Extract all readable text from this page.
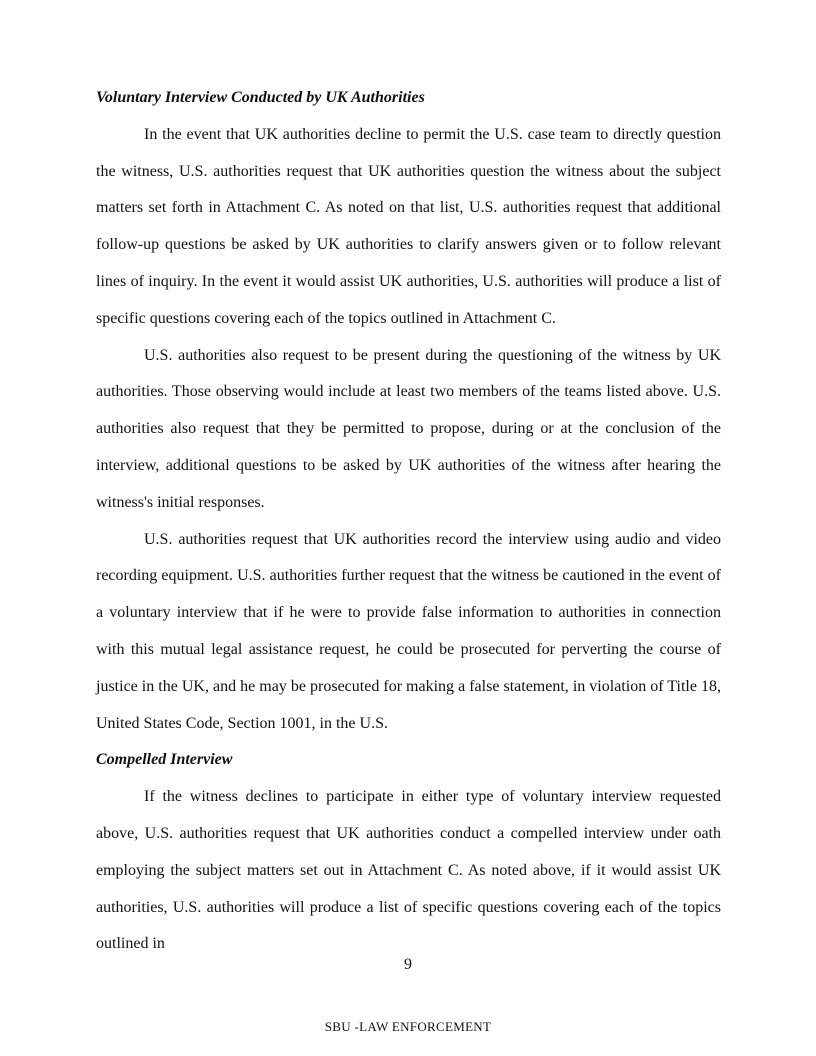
Voluntary Interview Conducted by UK Authorities

In the event that UK authorities decline to permit the U.S. case team to directly question the witness, U.S. authorities request that UK authorities question the witness about the subject matters set forth in Attachment C. As noted on that list, U.S. authorities request that additional follow-up questions be asked by UK authorities to clarify answers given or to follow relevant lines of inquiry. In the event it would assist UK authorities, U.S. authorities will produce a list of specific questions covering each of the topics outlined in Attachment C.

U.S. authorities also request to be present during the questioning of the witness by UK authorities. Those observing would include at least two members of the teams listed above. U.S. authorities also request that they be permitted to propose, during or at the conclusion of the interview, additional questions to be asked by UK authorities of the witness after hearing the witness's initial responses.

U.S. authorities request that UK authorities record the interview using audio and video recording equipment. U.S. authorities further request that the witness be cautioned in the event of a voluntary interview that if he were to provide false information to authorities in connection with this mutual legal assistance request, he could be prosecuted for perverting the course of justice in the UK, and he may be prosecuted for making a false statement, in violation of Title 18, United States Code, Section 1001, in the U.S.

Compelled Interview

If the witness declines to participate in either type of voluntary interview requested above, U.S. authorities request that UK authorities conduct a compelled interview under oath employing the subject matters set out in Attachment C. As noted above, if it would assist UK authorities, U.S. authorities will produce a list of specific questions covering each of the topics outlined in

9
SBU -LAW ENFORCEMENT
